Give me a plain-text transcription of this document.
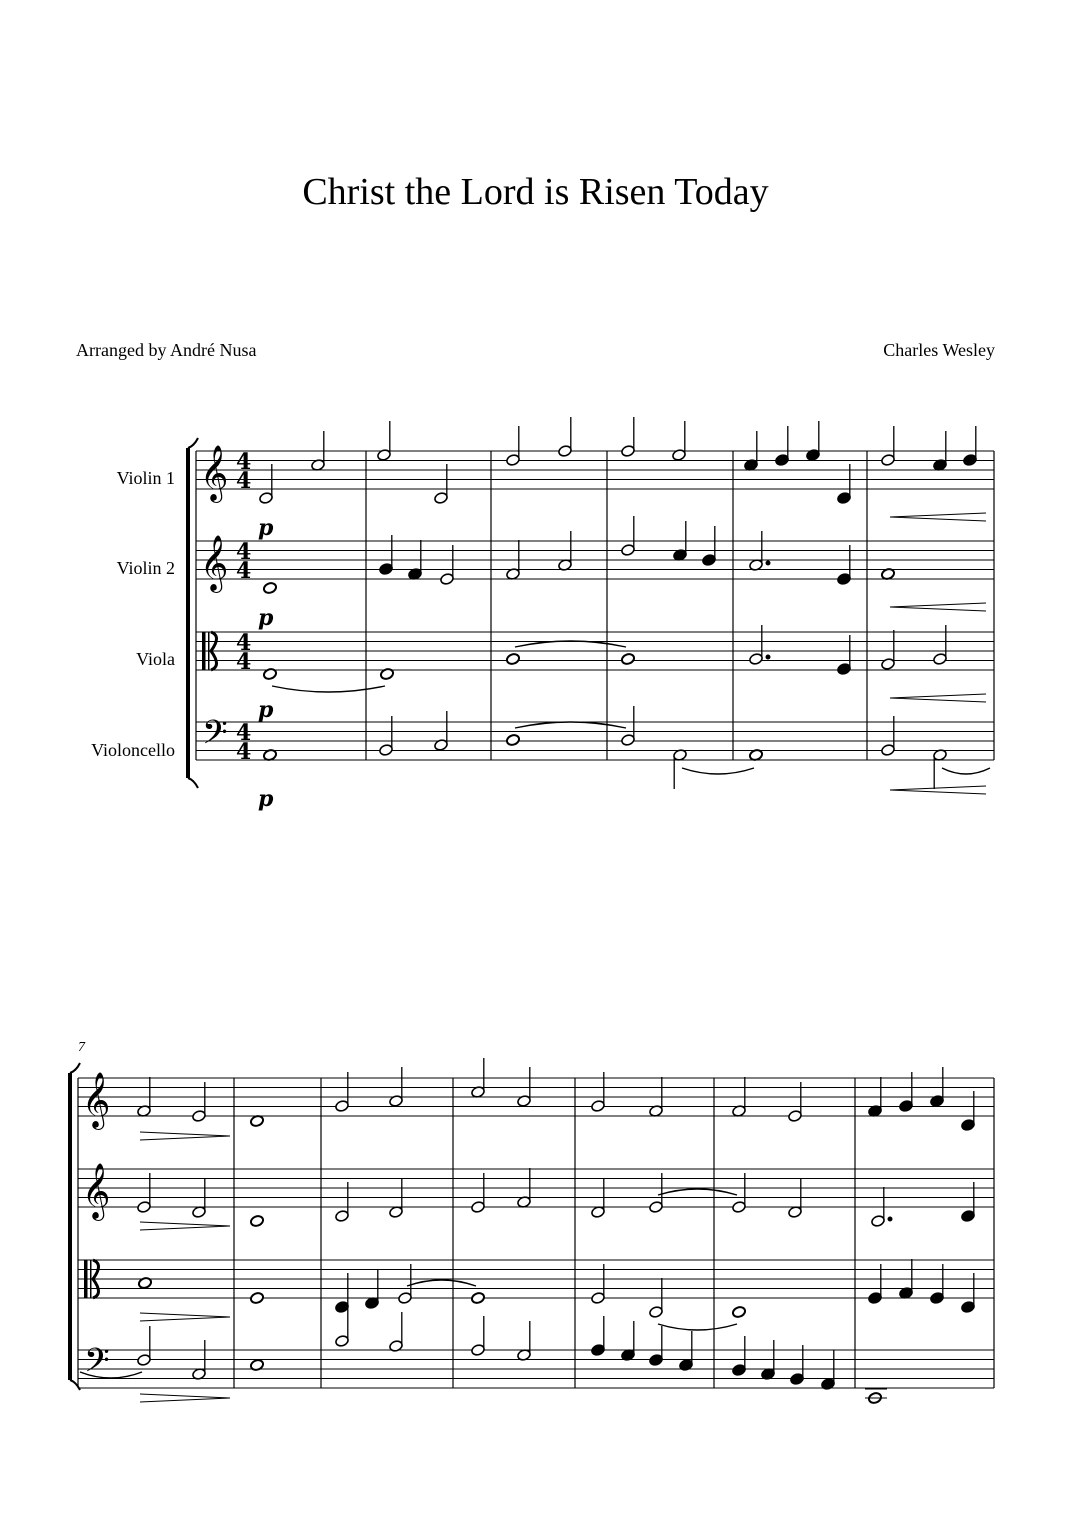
Christ the Lord is Risen Today
Arranged by André Nusa	Charles Wesley
Violin 1
Violin 2
Viola
Violoncello
p
p
p
p
7
𝄞
𝄞
𝄢
4
4
4
4
4
4
4
4
𝄞
𝄞
𝄢
